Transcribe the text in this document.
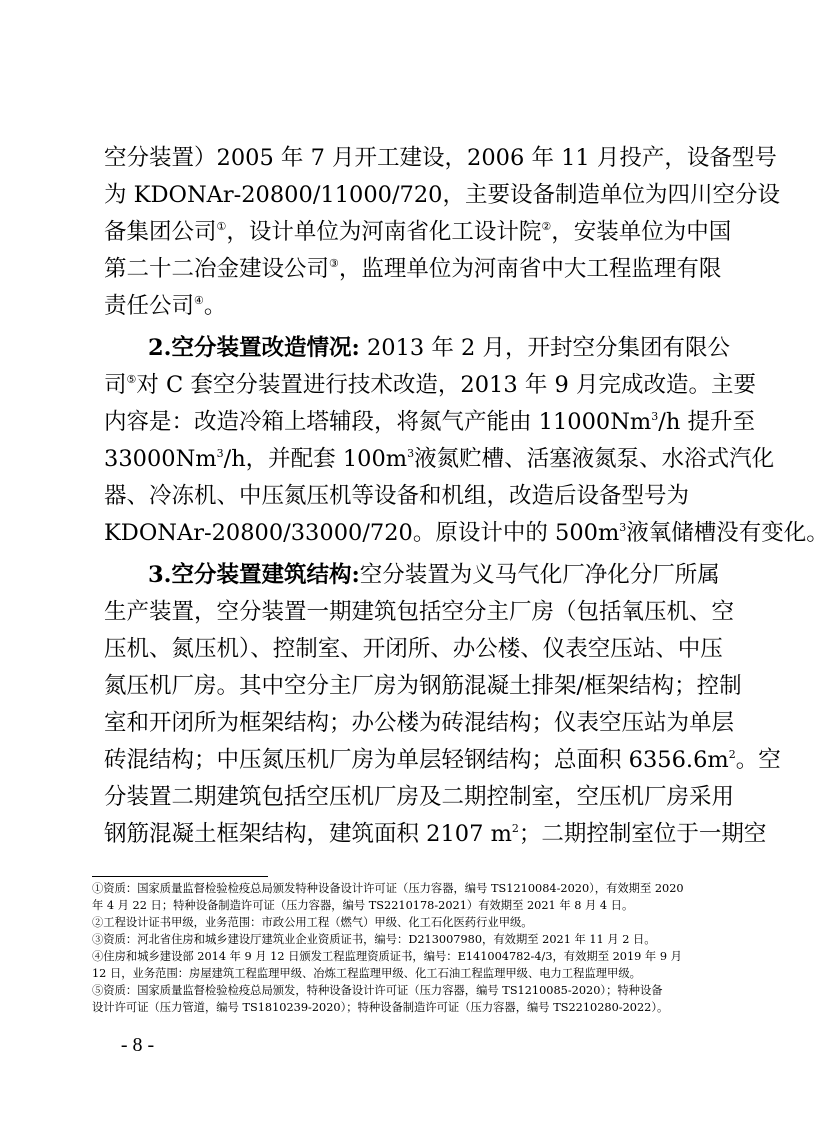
空分装置）2005 年 7 月开工建设，2006 年 11 月投产，设备型号
为 KDONAr-20800/11000/720，主要设备制造单位为四川空分设
备集团公司①，设计单位为河南省化工设计院②，安装单位为中国
第二十二冶金建设公司③，监理单位为河南省中大工程监理有限
责任公司④。
2.空分装置改造情况: 2013 年 2 月，开封空分集团有限公
司⑤对 C 套空分装置进行技术改造，2013 年 9 月完成改造。主要
内容是：改造冷箱上塔辅段，将氮气产能由 11000Nm$^3$/h 提升至
33000Nm$^3$/h，并配套 $100m^3$液氮贮槽、活塞液氮泵、水浴式汽化
器、冷冻机、中压氮压机等设备和机组，改造后设备型号为
KDONAr-20800/33000/720。原设计中的 $500m^3$液氧储槽没有变化。
3.空分装置建筑结构:空分装置为义马气化厂净化分厂所属
生产装置，空分装置一期建筑包括空分主厂房（包括氧压机、空
压机、氮压机）、控制室、开闭所、办公楼、仪表空压站、中压
氮压机厂房。其中空分主厂房为钢筋混凝土排架/框架结构；控制
室和开闭所为框架结构；办公楼为砖混结构；仪表空压站为单层
砖混结构；中压氮压机厂房为单层轻钢结构；总面积 $6356.6m^2$。空
分装置二期建筑包括空压机厂房及二期控制室，空压机厂房采用
钢筋混凝土框架结构，建筑面积 2107 $m^2$；二期控制室位于一期空
①资质：国家质量监督检验检疫总局颁发特种设备设计许可证（压力容器，编号 TS1210084-2020），有效期至 2020
年 4 月 22 日；特种设备制造许可证（压力容器，编号 TS2210178-2021）有效期至 2021 年 8 月 4 日。
②工程设计证书甲级，业务范围：市政公用工程（燃气）甲级、化工石化医药行业甲级。
③资质：河北省住房和城乡建设厅建筑业企业资质证书，编号：D213007980，有效期至 2021 年 11 月 2 日。
④住房和城乡建设部 2014 年 9 月 12 日颁发工程监理资质证书，编号：E141004782-4/3，有效期至 2019 年 9 月
12 日，业务范围：房屋建筑工程监理甲级、冶炼工程监理甲级、化工石油工程监理甲级、电力工程监理甲级。
⑤资质：国家质量监督检验检疫总局颁发，特种设备设计许可证（压力容器，编号 TS1210085-2020）；特种设备
设计许可证（压力管道，编号 TS1810239-2020）；特种设备制造许可证（压力容器，编号 TS2210280-2022）。
- 8 -
